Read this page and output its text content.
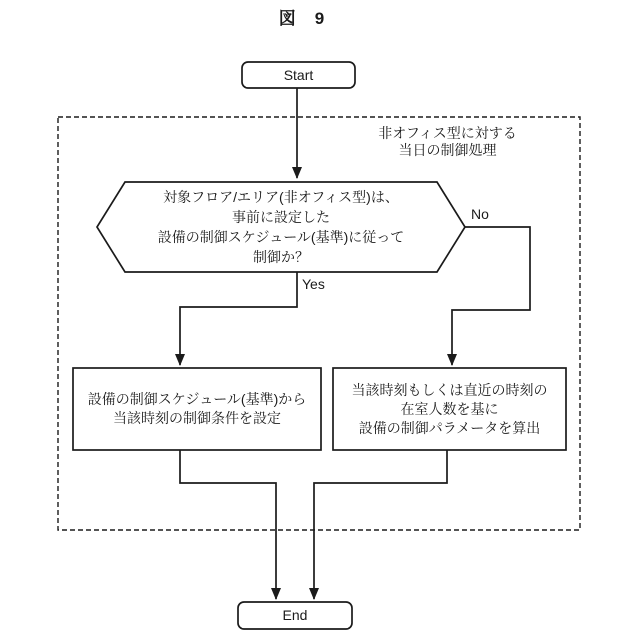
図　9
Start
非オフィス型に対する
当日の制御処理
対象フロア/エリア(非オフィス型)は、
事前に設定した
設備の制御スケジュール(基準)に従って
制御か？
Yes
No
設備の制御スケジュール(基準)から
当該時刻の制御条件を設定
当該時刻もしくは直近の時刻の
在室人数を基に
設備の制御パラメータを算出
End
